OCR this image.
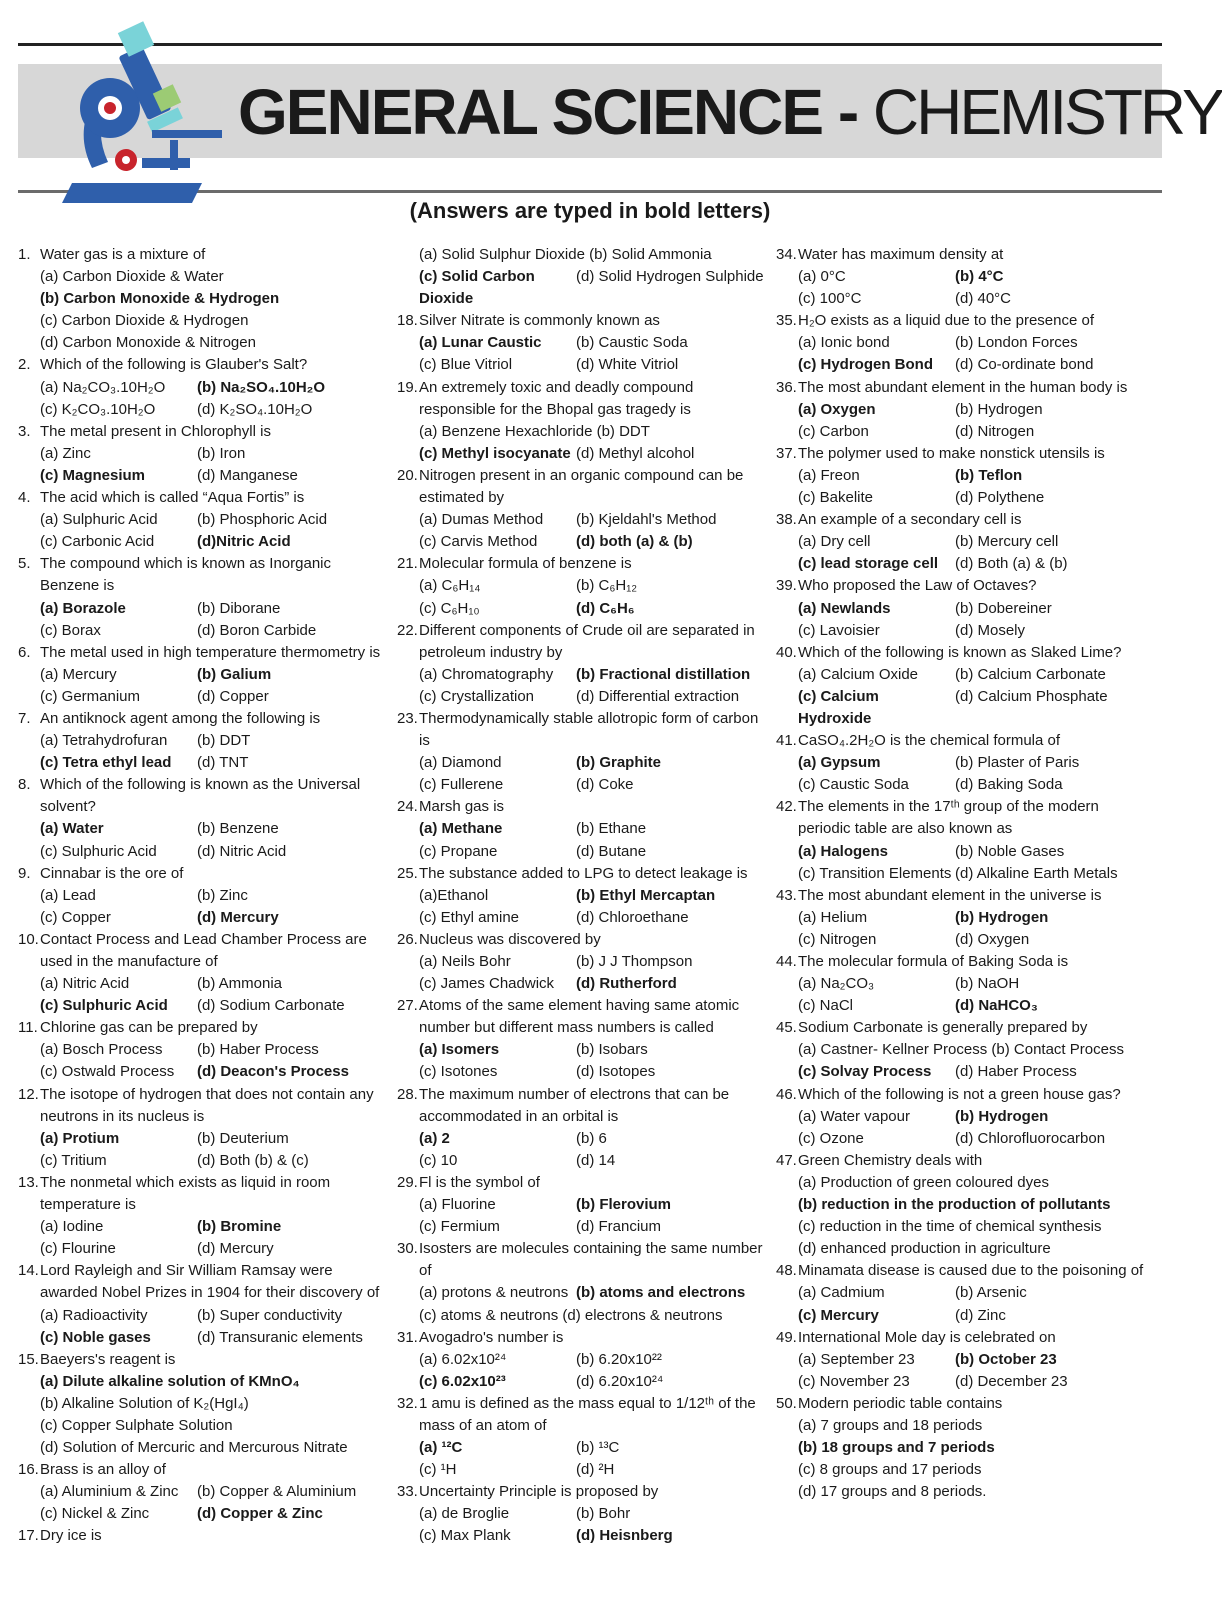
GENERAL SCIENCE - CHEMISTRY
(Answers are typed in bold letters)
1. Water gas is a mixture of
(a) Carbon Dioxide & Water
(b) Carbon Monoxide & Hydrogen
(c) Carbon Dioxide & Hydrogen
(d) Carbon Monoxide & Nitrogen
2. Which of the following is Glauber's Salt?
(a) Na₂CO₃.10H₂O	(b) Na₂SO₄.10H₂O
(c) K₂CO₃.10H₂O	(d) K₂SO₄.10H₂O
3. The metal present in Chlorophyll is
(a) Zinc	(b) Iron
(c) Magnesium	(d) Manganese
4. The acid which is called “Aqua Fortis” is
(a) Sulphuric Acid	(b) Phosphoric Acid
(c) Carbonic Acid	(d)Nitric Acid
5. The compound which is known as Inorganic Benzene is
(a) Borazole	(b) Diborane
(c) Borax	(d) Boron Carbide
6. The metal used in high temperature thermometry is
(a) Mercury	(b) Galium
(c) Germanium	(d) Copper
7. An antiknock agent among the following is
(a) Tetrahydrofuran	(b) DDT
(c) Tetra ethyl lead	(d) TNT
8. Which of the following is known as the Universal solvent?
(a) Water	(b) Benzene
(c) Sulphuric Acid	(d) Nitric Acid
9. Cinnabar is the ore of
(a) Lead	(b) Zinc
(c) Copper	(d) Mercury
10. Contact Process and Lead Chamber Process are used in the manufacture of
(a) Nitric Acid	(b) Ammonia
(c) Sulphuric Acid	(d) Sodium Carbonate
11. Chlorine gas can be prepared by
(a) Bosch Process	(b) Haber Process
(c) Ostwald Process	(d) Deacon's Process
12. The isotope of hydrogen that does not contain any neutrons in its nucleus is
(a) Protium	(b) Deuterium
(c) Tritium	(d) Both (b) & (c)
13. The nonmetal which exists as liquid in room temperature is
(a) Iodine	(b) Bromine
(c) Flourine	(d) Mercury
14. Lord Rayleigh and Sir William Ramsay were awarded Nobel Prizes in 1904 for their discovery of
(a) Radioactivity	(b) Super conductivity
(c) Noble gases	(d) Transuranic elements
15. Baeyers's reagent is
(a) Dilute alkaline solution of KMnO₄
(b) Alkaline Solution of K₂(HgI₄)
(c) Copper Sulphate Solution
(d) Solution of Mercuric and Mercurous Nitrate
16. Brass is an alloy of
(a) Aluminium & Zinc	(b) Copper & Aluminium
(c) Nickel & Zinc	(d) Copper & Zinc
17. Dry ice is
(a) Solid Sulphur Dioxide (b) Solid Ammonia
(c) Solid Carbon Dioxide
(d) Solid Hydrogen Sulphide
18. Silver Nitrate is commonly known as
(a) Lunar Caustic	(b) Caustic Soda
(c) Blue Vitriol	(d) White Vitriol
19. An extremely toxic and deadly compound responsible for the Bhopal gas tragedy is
(a) Benzene Hexachloride (b) DDT
(c) Methyl isocyanate (d) Methyl alcohol
20. Nitrogen present in an organic compound can be estimated by
(a) Dumas Method	(b) Kjeldahl's Method
(c) Carvis Method	(d) both (a) & (b)
21. Molecular formula of benzene is
(a) C₆H₁₄	(b) C₆H₁₂
(c) C₆H₁₀	(d) C₆H₆
22. Different components of Crude oil are separated in petroleum industry by
(a) Chromatography	(b) Fractional distillation
(c) Crystallization	(d) Differential extraction
23. Thermodynamically stable allotropic form of carbon is
(a) Diamond	(b) Graphite
(c) Fullerene	(d) Coke
24. Marsh gas is
(a) Methane	(b) Ethane
(c) Propane	(d) Butane
25. The substance added to LPG to detect leakage is
(a)Ethanol	(b) Ethyl Mercaptan
(c) Ethyl amine	(d) Chloroethane
26. Nucleus was discovered by
(a) Neils Bohr	(b) J J Thompson
(c) James Chadwick	(d) Rutherford
27. Atoms of the same element having same atomic number but different mass numbers is called
(a) Isomers	(b) Isobars
(c) Isotones	(d) Isotopes
28. The maximum number of electrons that can be accommodated in an orbital is
(a) 2	(b) 6
(c) 10	(d) 14
29. Fl is the symbol of
(a) Fluorine	(b) Flerovium
(c) Fermium	(d) Francium
30. Isosters are molecules containing the same number of
(a) protons & neutrons (b) atoms and electrons
(c) atoms & neutrons (d) electrons & neutrons
31. Avogadro's number is
(a) 6.02x10²⁴	(b) 6.20x10²²
(c) 6.02x10²³	(d) 6.20x10²⁴
32. 1 amu is defined as the mass equal to 1/12ᵗʰ of the mass of an atom of
(a) ¹²C	(b) ¹³C
(c) ¹H	(d) ²H
33. Uncertainty Principle is proposed by
(a) de Broglie	(b) Bohr
(c) Max Plank	(d) Heisnberg
34. Water has maximum density at
(a) 0°C	(b) 4°C
(c) 100°C	(d) 40°C
35. H₂O exists as a liquid due to the presence of
(a) Ionic bond	(b) London Forces
(c) Hydrogen Bond	(d) Co-ordinate bond
36. The most abundant element in the human body is
(a) Oxygen	(b) Hydrogen
(c) Carbon	(d) Nitrogen
37. The polymer used to make nonstick utensils is
(a) Freon	(b) Teflon
(c) Bakelite	(d) Polythene
38. An example of a secondary cell is
(a) Dry cell	(b) Mercury cell
(c) lead storage cell	(d) Both (a) & (b)
39. Who proposed the Law of Octaves?
(a) Newlands	(b) Dobereiner
(c) Lavoisier	(d) Mosely
40. Which of the following is known as Slaked Lime?
(a) Calcium Oxide	(b) Calcium Carbonate
(c) Calcium Hydroxide
(d) Calcium Phosphate
41. CaSO₄.2H₂O is the chemical formula of
(a) Gypsum	(b) Plaster of Paris
(c) Caustic Soda	(d) Baking Soda
42. The elements in the 17ᵗʰ group of the modern periodic table are also known as
(a) Halogens	(b) Noble Gases
(c) Transition Elements (d) Alkaline Earth Metals
43. The most abundant element in the universe is
(a) Helium	(b) Hydrogen
(c) Nitrogen	(d) Oxygen
44. The molecular formula of Baking Soda is
(a) Na₂CO₃	(b) NaOH
(c) NaCl	(d) NaHCO₃
45. Sodium Carbonate is generally prepared by
(a) Castner- Kellner Process (b) Contact Process
(c) Solvay Process	(d) Haber Process
46. Which of the following is not a green house gas?
(a) Water vapour	(b) Hydrogen
(c) Ozone	(d) Chlorofluorocarbon
47. Green Chemistry deals with
(a) Production of green coloured dyes
(b) reduction in the production of pollutants
(c) reduction in the time of chemical synthesis
(d) enhanced production in agriculture
48. Minamata disease is caused due to the poisoning of
(a) Cadmium	(b) Arsenic
(c) Mercury	(d) Zinc
49. International Mole day is celebrated on
(a) September 23	(b) October 23
(c) November 23	(d) December 23
50. Modern periodic table contains
(a) 7 groups and 18 periods
(b) 18 groups and 7 periods
(c) 8 groups and 17 periods
(d) 17 groups and 8 periods.
